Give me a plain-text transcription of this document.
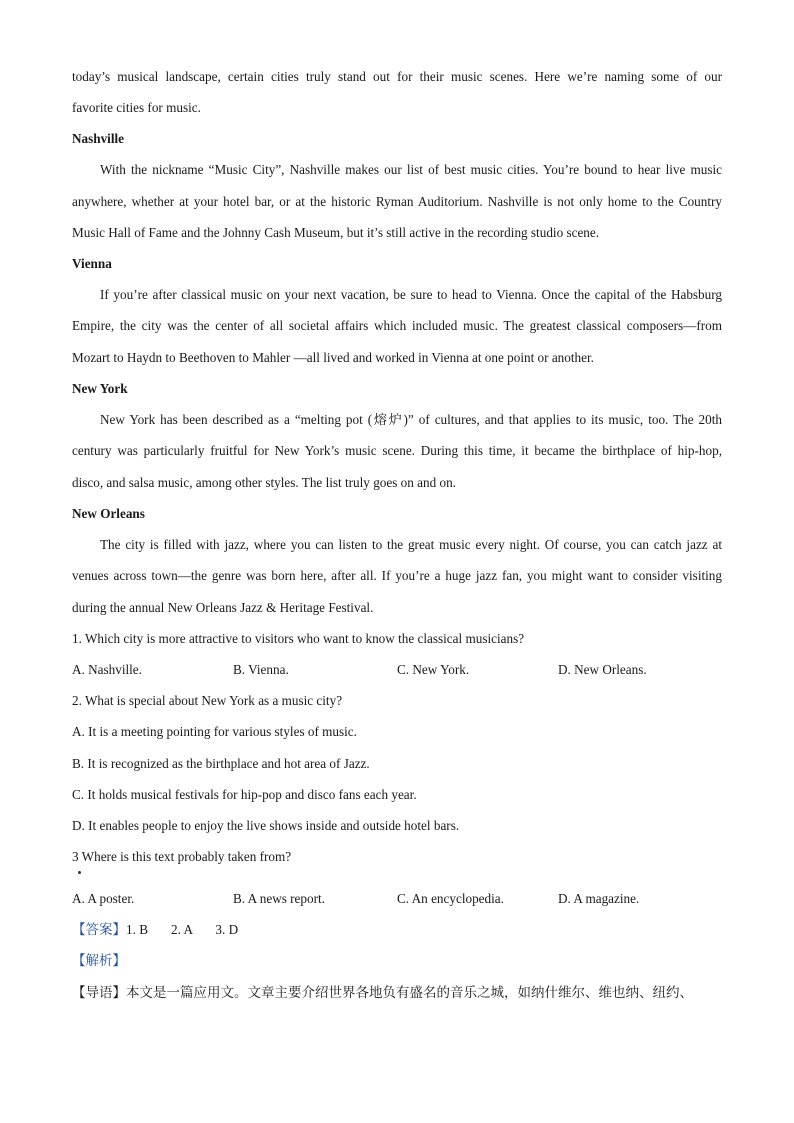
today’s musical landscape, certain cities truly stand out for their music scenes. Here we’re naming some of our
favorite cities for music.
Nashville
With the nickname “Music City”, Nashville makes our list of best music cities. You’re bound to hear live music
anywhere, whether at your hotel bar, or at the historic Ryman Auditorium. Nashville is not only home to the Country
Music Hall of Fame and the Johnny Cash Museum, but it’s still active in the recording studio scene.
Vienna
If you’re after classical music on your next vacation, be sure to head to Vienna. Once the capital of the Habsburg
Empire, the city was the center of all societal affairs which included music. The greatest classical composers—from
Mozart to Haydn to Beethoven to Mahler —all lived and worked in Vienna at one point or another.
New York
New York has been described as a “melting pot (熔炉)” of cultures, and that applies to its music, too. The 20th
century was particularly fruitful for New York’s music scene. During this time, it became the birthplace of hip-hop,
disco, and salsa music, among other styles. The list truly goes on and on.
New Orleans
The city is filled with jazz, where you can listen to the great music every night. Of course, you can catch jazz at
venues across town—the genre was born here, after all. If you’re a huge jazz fan, you might want to consider visiting
during the annual New Orleans Jazz & Heritage Festival.
1. Which city is more attractive to visitors who want to know the classical musicians?
A. Nashville.	B. Vienna.	C. New York.	D. New Orleans.
2. What is special about New York as a music city?
A. It is a meeting pointing for various styles of music.
B. It is recognized as the birthplace and hot area of Jazz.
C. It holds musical festivals for hip-pop and disco fans each year.
D. It enables people to enjoy the live shows inside and outside hotel bars.
3 Where is this text probably taken from?
A. A poster.	B. A news report.	C. An encyclopedia.	D. A magazine.
【答案】1. B       2. A       3. D
【解析】
【导语】本文是一篇应用文。文章主要介绍世界各地负有盛名的音乐之城，如纳什维尔、维也纳、纽约、
